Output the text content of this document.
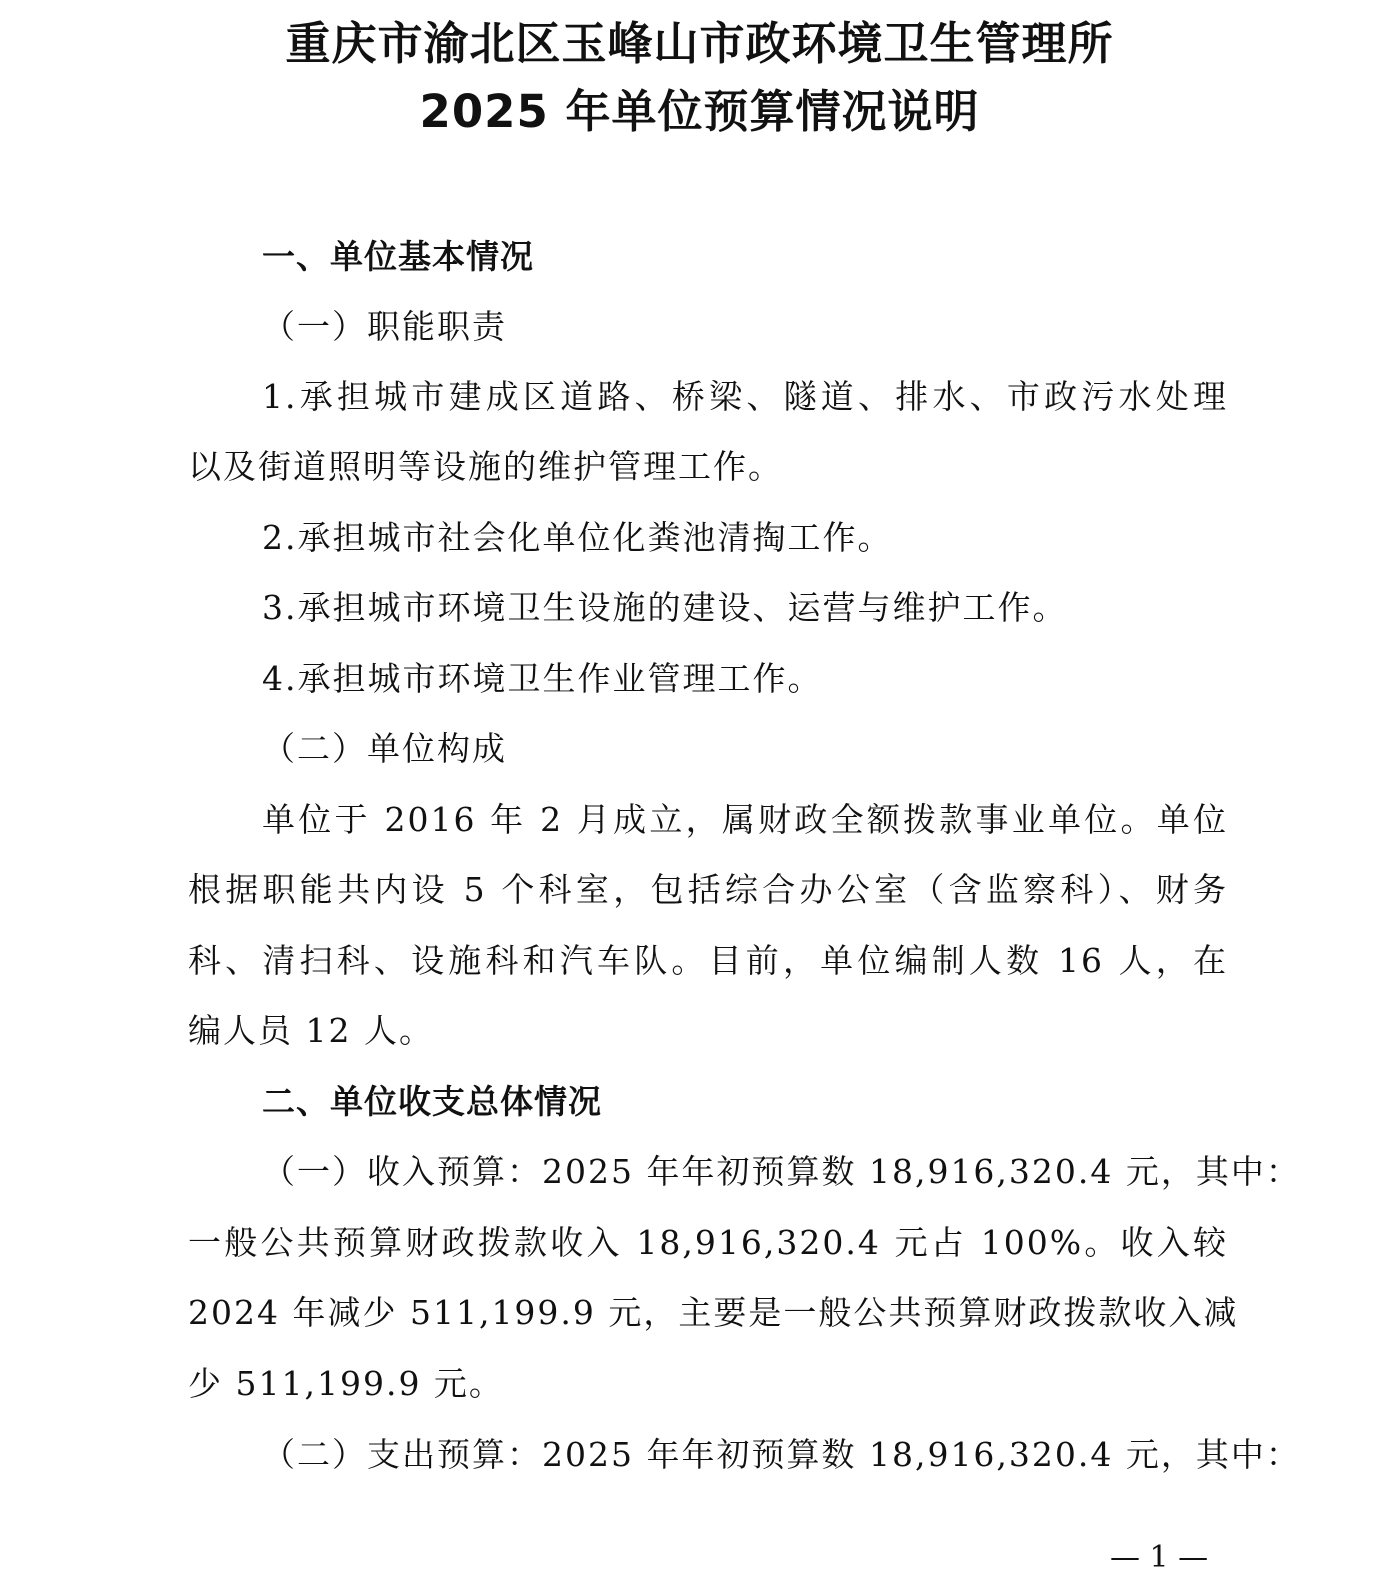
重庆市渝北区玉峰山市政环境卫生管理所
2025 年单位预算情况说明

一、单位基本情况

（一）职能职责

1.承担城市建成区道路、桥梁、隧道、排水、市政污水处理

以及街道照明等设施的维护管理工作。

2.承担城市社会化单位化粪池清掏工作。

3.承担城市环境卫生设施的建设、运营与维护工作。

4.承担城市环境卫生作业管理工作。

（二）单位构成

单位于 2016 年 2 月成立，属财政全额拨款事业单位。单位

根据职能共内设 5 个科室，包括综合办公室（含监察科）、财务

科、清扫科、设施科和汽车队。目前，单位编制人数 16 人，在

编人员 12 人。

二、单位收支总体情况

（一）收入预算：2025 年年初预算数 18,916,320.4 元，其中：

一般公共预算财政拨款收入 18,916,320.4 元占 100%。收入较

2024 年减少 511,199.9 元，主要是一般公共预算财政拨款收入减

少 511,199.9 元。

（二）支出预算：2025 年年初预算数 18,916,320.4 元，其中：

— 1 —
